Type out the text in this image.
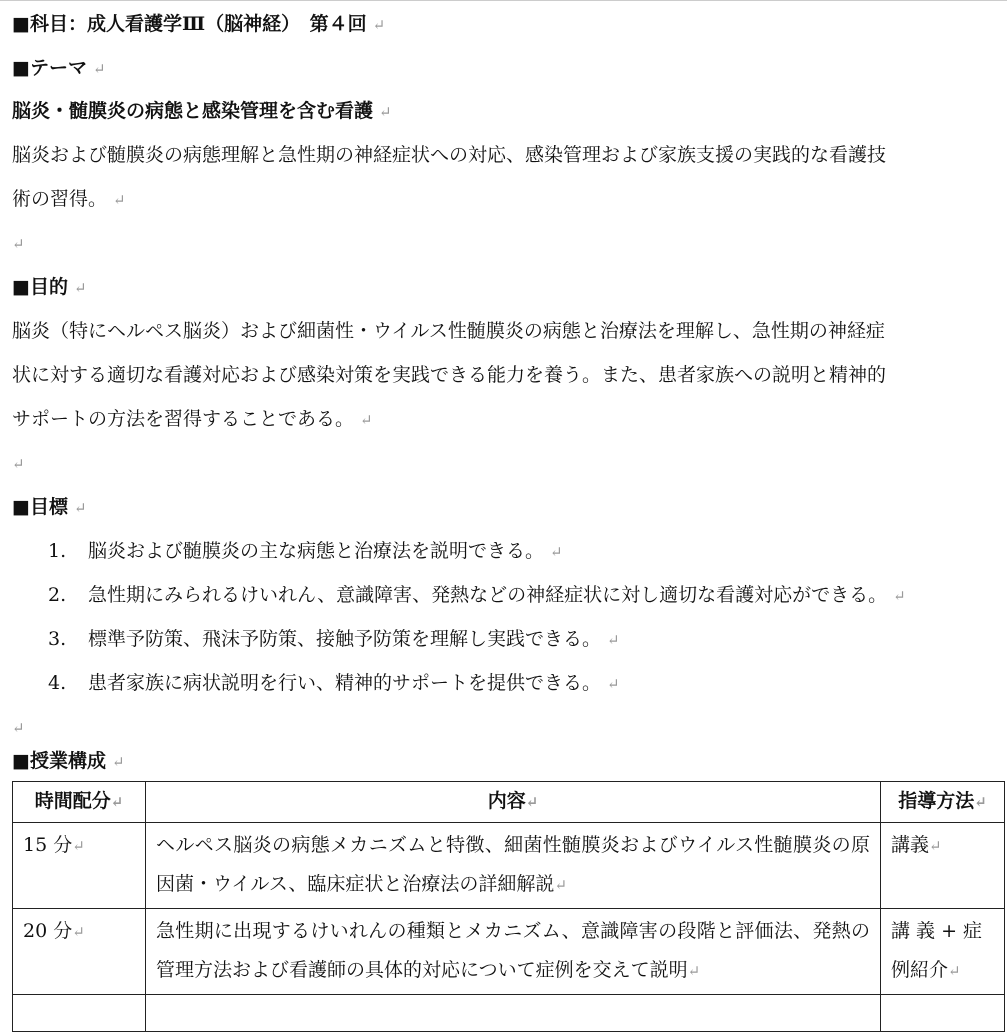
■科目：成人看護学Ⅲ（脳神経）　第４回 ↵
■テーマ ↵
脳炎・髄膜炎の病態と感染管理を含む看護 ↵
脳炎および髄膜炎の病態理解と急性期の神経症状への対応、感染管理および家族支援の実践的な看護技
術の習得。 ↵
↵
■目的 ↵
脳炎（特にヘルペス脳炎）および細菌性・ウイルス性髄膜炎の病態と治療法を理解し、急性期の神経症
状に対する適切な看護対応および感染対策を実践できる能力を養う。また、患者家族への説明と精神的
サポートの方法を習得することである。 ↵
↵
■目標 ↵
1. 脳炎および髄膜炎の主な病態と治療法を説明できる。 ↵
2. 急性期にみられるけいれん、意識障害、発熱などの神経症状に対し適切な看護対応ができる。 ↵
3. 標準予防策、飛沫予防策、接触予防策を理解し実践できる。 ↵
4. 患者家族に病状説明を行い、精神的サポートを提供できる。 ↵
↵
■授業構成 ↵
時間配分↵	内容↵	指導方法↵
15 分↵	ヘルペス脳炎の病態メカニズムと特徴、細菌性髄膜炎およびウイルス性髄膜炎の原因菌・ウイルス、臨床症状と治療法の詳細解説↵	講義↵
20 分↵	急性期に出現するけいれんの種類とメカニズム、意識障害の段階と評価法、発熱の管理方法および看護師の具体的対応について症例を交えて説明↵	講 義 + 症 例紹介↵
